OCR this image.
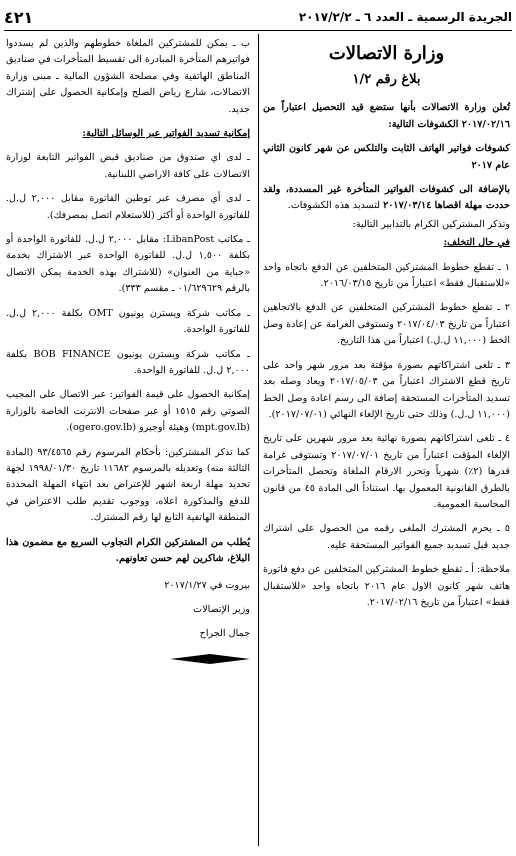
الجريدة الرسمية ـ العدد ٦ ـ ٢٠١٧/٢/٢
٤٢١
وزارة الاتصالات
بلاغ رقم ١/٢

تُعلن وزارة الاتصالات بأنها ستضع قيد التحصيل اعتباراً من ٢٠١٧/٠٢/١٦ الكشوفات التالية:

كشوفات فواتير الهاتف الثابت والتلكس عن شهر كانون الثاني عام ٢٠١٧

بالإضافة الى كشوفات الفواتير المتأخرة غير المسددة، ولقد حددت مهلة اقصاها ٢٠١٧/٠٣/١٤ لتسديد هذه الكشوفات.

وتذكر المشتركين الكرام بالتدابير التالية:

في حال التخلف:

١ ـ تقطع خطوط المشتركين المتخلفين عن الدفع باتجاه واحد «للاستقبال فقط» اعتباراً من تاريخ ٢٠١٦/٠٣/١٥.

٢ ـ تقطع خطوط المشتركين المتخلفين عن الدفع بالاتجاهين اعتباراً من تاريخ ٢٠١٧/٠٤/٠٣ وتستوفى الغرامة عن إعادة وصل الخط (١١,٠٠٠ ل.ل.) اعتباراً من هذا التاريخ.

٣ ـ تلغى اشتراكاتهم بصورة مؤقتة بعد مرور شهر واحد على تاريخ قطع الاشتراك اعتباراً من ٢٠١٧/٠٥/٠٣ ويعاد وصله بعد تسديد المتأخرات المستحقة إضافة الى رسم اعادة وصل الخط (١١,٠٠٠ ل.ل.) وذلك حتى تاريخ الإلغاء النهائي (٢٠١٧/٠٧/٠١).

٤ ـ تلغى اشتراكاتهم بصورة نهائية بعد مرور شهرين على تاريخ الإلغاء المؤقت اعتباراً من تاريخ ٢٠١٧/٠٧/٠١ وتستوفى غرامة قدرها (٢٪) شهرياً وتحرر الارقام الملغاة وتحصل المتأخرات بالطرق القانونية المعمول بها. استناداً الى المادة ٤٥ من قانون المحاسبة العمومية.

٥ ـ يحرم المشترك الملغى رقمه من الحصول على اشتراك جديد قبل تسديد جميع الفواتير المستحقة عليه.

ملاحظة: أ ـ تقطع خطوط المشتركين المتخلفين عن دفع فاتورة هاتف شهر كانون الاول عام ٢٠١٦ باتجاه واحد «للاستقبال فقط» اعتباراً من تاريخ ٢٠١٧/٠٢/١٦.

ب ـ يمكن للمشتركين الملغاة خطوطهم والذين لم يسددوا فواتيرهم المتأخرة المبادرة الى تقسيط المتأخرات في صناديق المناطق الهاتفية وفي مصلحة الشؤون المالية ـ مبنى وزارة الاتصالات، شارع رياض الصلح وإمكانية الحصول على إشتراك جديد.

إمكانية تسديد الفواتير عبر الوسائل التالية:

ـ لدى اي صندوق من صناديق قبض الفواتير التابعة لوزارة الاتصالات على كافة الاراضي اللبنانية.

ـ لدى أي مصرف عبر توطين الفاتورة مقابل ٢,٠٠٠ ل.ل. للفاتورة الواحدة أو أكثر (للاستعلام اتصل بمصرفك).

ـ مكاتب LibanPost: مقابل ٢,٠٠٠ ل.ل. للفاتورة الواحدة أو بكلفة ١,٥٠٠ ل.ل. للفاتورة الواحدة عبر الاشتراك بخدمة «جباية من العنوان» (للاشتراك بهذه الخدمة يمكن الاتصال بالرقم ٠١/٦٢٩٦٢٩ ـ مقسم ٣٣٣).

ـ مكاتب شركة ويسترن يونيون OMT بكلفة ٢,٠٠٠ ل.ل. للفاتورة الواحدة.

ـ مكاتب شركة ويسترن يونيون BOB FINANCE بكلفة ٢,٠٠٠ ل.ل. للفاتورة الواحدة.

إمكانية الحصول على قيمة الفواتير: عبر الاتصال على المجيب الصوتي رقم ١٥١٥ أو عبر صفحات الانترنت الخاصة بالوزارة (mpt.gov.lb) وهيئة أوجيرو (ogero.gov.lb).

كما تذكر المشتركين: بأحكام المرسوم رقم ٩٣/٤٥٦٥ (المادة الثالثة منه) وتعديله بالمرسوم ١١٦٨٢ تاريخ ١٩٩٨/٠١/٣٠ لجهة تحديد مهلة اربعة اشهر للإعتراض بعد انتهاء المهلة المحددة للدفع والمذكورة اعلاه، ووجوب تقديم طلب الاعتراض في المنطقة الهاتفية التابع لها رقم المشترك.

يُطلب من المشتركين الكرام التجاوب السريع مع مضمون هذا البلاغ، شاكرين لهم حسن تعاونهم.

بيروت في ٢٠١٧/١/٢٧

وزير الإتصالات

جمال الجراح
